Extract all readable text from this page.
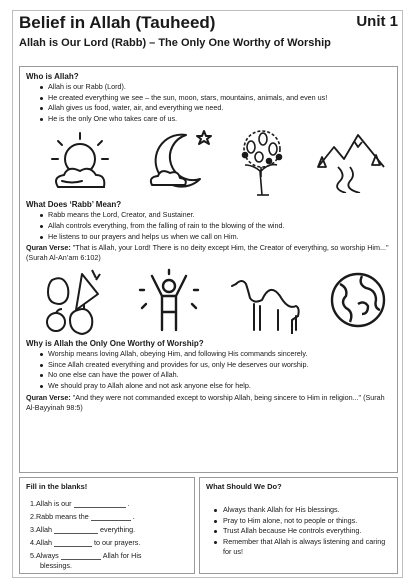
Belief in Allah (Tauheed)	Unit 1
Allah is Our Lord (Rabb) – The Only One Worthy of Worship
Who is Allah?
Allah is our Rabb (Lord).
He created everything we see – the sun, moon, stars, mountains, animals, and even us!
Allah gives us food, water, air, and everything we need.
He is the only One who takes care of us.
What Does ‘Rabb’ Mean?
Rabb means the Lord, Creator, and Sustainer.
Allah controls everything, from the falling of rain to the blowing of the wind.
He listens to our prayers and helps us when we call on Him.
Quran Verse: "That is Allah, your Lord! There is no deity except Him, the Creator of everything, so worship Him..." (Surah Al-An’am 6:102)
Why is Allah the Only One Worthy of Worship?
Worship means loving Allah, obeying Him, and following His commands sincerely.
Since Allah created everything and provides for us, only He deserves our worship.
No one else can have the power of Allah.
We should pray to Allah alone and not ask anyone else for help.
Quran Verse: "And they were not commanded except to worship Allah, being sincere to Him in religion..." (Surah Al-Bayyinah 98:5)
Fill in the blanks!
1.Allah is our	.
2.Rabb means the	.
3.Allah	everything.
4.Allah	to our prayers.
5.Always	Allah for His
blessings.
What Should We Do?
Always thank Allah for His blessings.
Pray to Him alone, not to people or things.
Trust Allah because He controls everything.
Remember that Allah is always listening and caring for us!
